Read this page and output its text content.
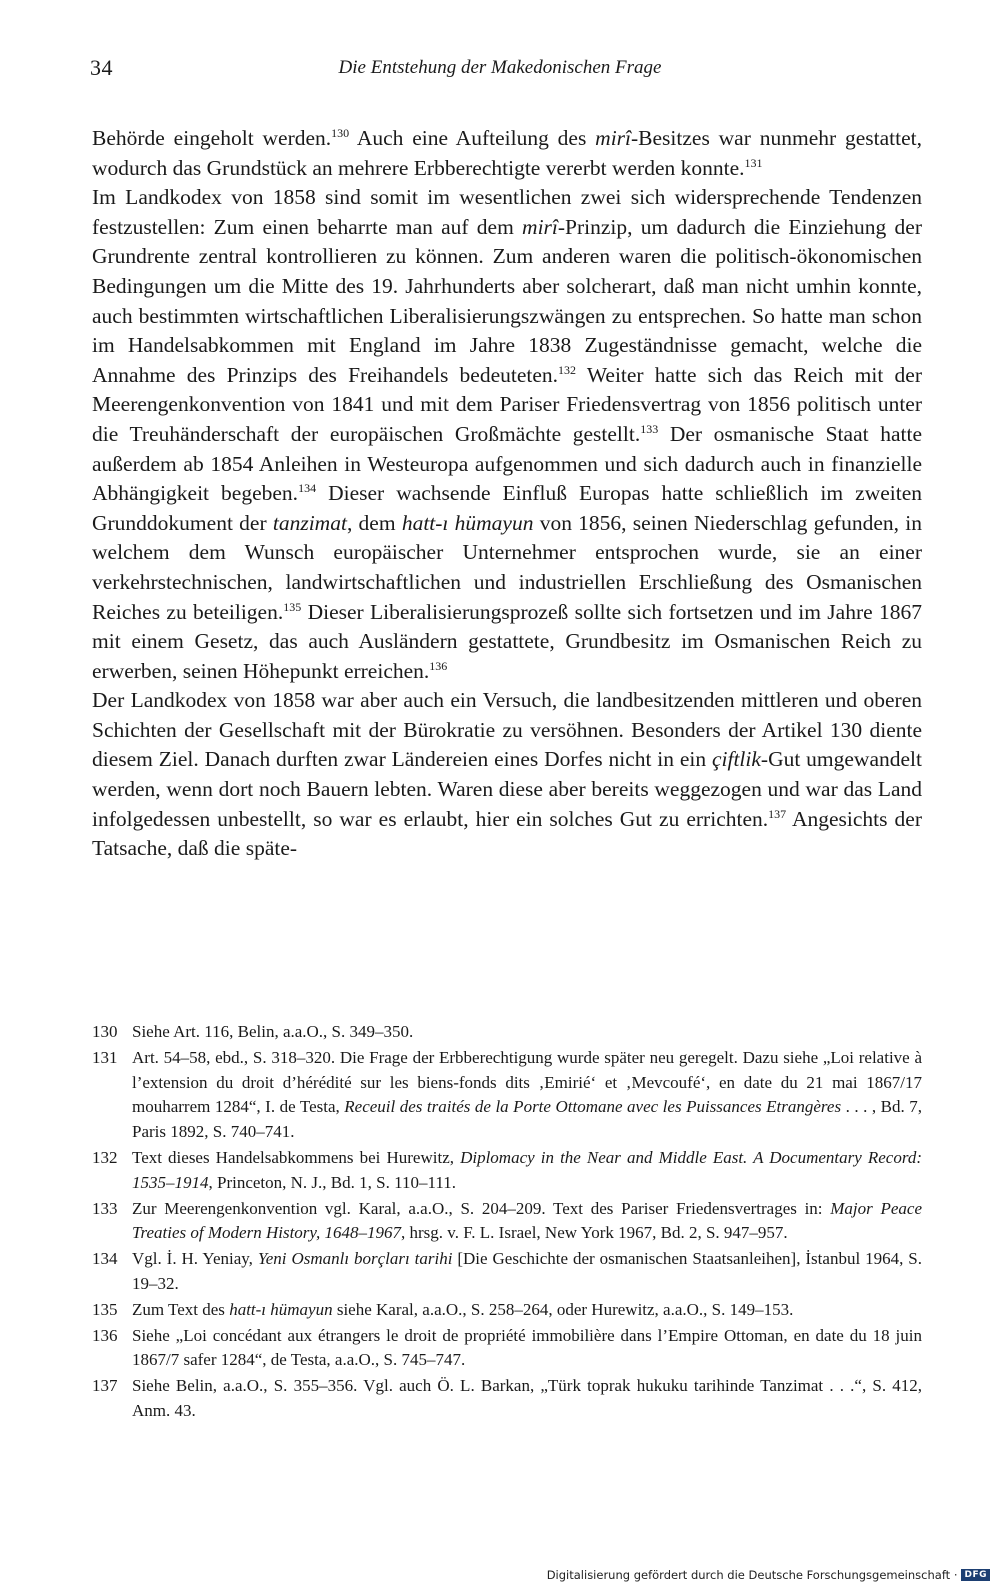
34	Die Entstehung der Makedonischen Frage

Behörde eingeholt werden.$^{130}$ Auch eine Aufteilung des mirî-Besitzes war nunmehr gestattet, wodurch das Grundstück an mehrere Erbberechtigte vererbt werden konnte.$^{131}$

Im Landkodex von 1858 sind somit im wesentlichen zwei sich widersprechende Tendenzen festzustellen: Zum einen beharrte man auf dem mirî-Prinzip, um dadurch die Einziehung der Grundrente zentral kontrollieren zu können. Zum anderen waren die politisch-ökonomischen Bedingungen um die Mitte des 19. Jahrhunderts aber solcherart, daß man nicht umhin konnte, auch bestimmten wirtschaftlichen Liberalisierungszwängen zu entsprechen. So hatte man schon im Handelsabkommen mit England im Jahre 1838 Zugeständnisse gemacht, welche die Annahme des Prinzips des Freihandels bedeuteten.$^{132}$ Weiter hatte sich das Reich mit der Meerengenkonvention von 1841 und mit dem Pariser Friedensvertrag von 1856 politisch unter die Treuhänderschaft der europäischen Großmächte gestellt.$^{133}$ Der osmanische Staat hatte außerdem ab 1854 Anleihen in Westeuropa aufgenommen und sich dadurch auch in finanzielle Abhängigkeit begeben.$^{134}$ Dieser wachsende Einfluß Europas hatte schließlich im zweiten Grunddokument der tanzimat, dem hatt-ı hümayun von 1856, seinen Niederschlag gefunden, in welchem dem Wunsch europäischer Unternehmer entsprochen wurde, sie an einer verkehrstechnischen, landwirtschaftlichen und industriellen Erschließung des Osmanischen Reiches zu beteiligen.$^{135}$ Dieser Liberalisierungsprozeß sollte sich fortsetzen und im Jahre 1867 mit einem Gesetz, das auch Ausländern gestattete, Grundbesitz im Osmanischen Reich zu erwerben, seinen Höhepunkt erreichen.$^{136}$

Der Landkodex von 1858 war aber auch ein Versuch, die landbesitzenden mittleren und oberen Schichten der Gesellschaft mit der Bürokratie zu versöhnen. Besonders der Artikel 130 diente diesem Ziel. Danach durften zwar Ländereien eines Dorfes nicht in ein çiftlik-Gut umgewandelt werden, wenn dort noch Bauern lebten. Waren diese aber bereits weggezogen und war das Land infolgedessen unbestellt, so war es erlaubt, hier ein solches Gut zu errichten.$^{137}$ Angesichts der Tatsache, daß die späte-

130 Siehe Art. 116, Belin, a.a.O., S. 349–350.
131 Art. 54–58, ebd., S. 318–320. Die Frage der Erbberechtigung wurde später neu geregelt. Dazu siehe „Loi relative à l’extension du droit d’hérédité sur les biens-fonds dits ‚Emirié‘ et ‚Mevcoufé‘, en date du 21 mai 1867/17 mouharrem 1284“, I. de Testa, Receuil des traités de la Porte Ottomane avec les Puissances Etrangères . . . , Bd. 7, Paris 1892, S. 740–741.
132 Text dieses Handelsabkommens bei Hurewitz, Diplomacy in the Near and Middle East. A Documentary Record: 1535–1914, Princeton, N. J., Bd. 1, S. 110–111.
133 Zur Meerengenkonvention vgl. Karal, a.a.O., S. 204–209. Text des Pariser Friedensvertrages in: Major Peace Treaties of Modern History, 1648–1967, hrsg. v. F. L. Israel, New York 1967, Bd. 2, S. 947–957.
134 Vgl. İ. H. Yeniay, Yeni Osmanlı borçları tarihi [Die Geschichte der osmanischen Staatsanleihen], İstanbul 1964, S. 19–32.
135 Zum Text des hatt-ı hümayun siehe Karal, a.a.O., S. 258–264, oder Hurewitz, a.a.O., S. 149–153.
136 Siehe „Loi concédant aux étrangers le droit de propriété immobilière dans l’Empire Ottoman, en date du 18 juin 1867/7 safer 1284“, de Testa, a.a.O., S. 745–747.
137 Siehe Belin, a.a.O., S. 355–356. Vgl. auch Ö. L. Barkan, „Türk toprak hukuku tarihinde Tanzimat . . .“, S. 412, Anm. 43.
Digitalisierung gefördert durch die Deutsche Forschungsgemeinschaft · DFG
